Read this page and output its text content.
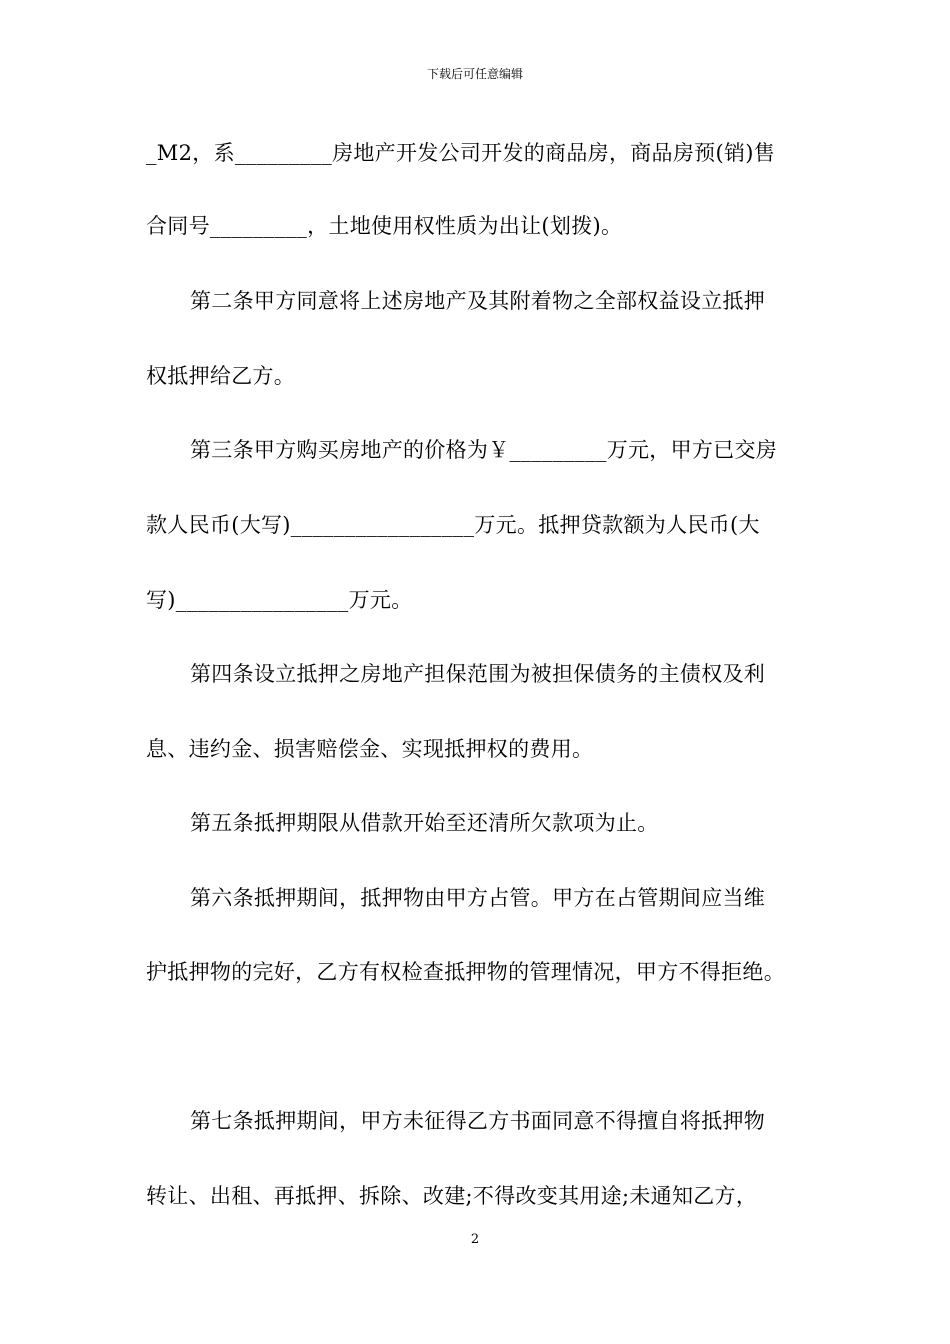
下载后可任意编辑
_M2，系_________房地产开发公司开发的商品房，商品房预(销)售
合同号_________，土地使用权性质为出让(划拨)。
第二条甲方同意将上述房地产及其附着物之全部权益设立抵押
权抵押给乙方。
第三条甲方购买房地产的价格为￥_________万元，甲方已交房
款人民币(大写)_________________万元。抵押贷款额为人民币(大
写)________________万元。
第四条设立抵押之房地产担保范围为被担保债务的主债权及利
息、违约金、损害赔偿金、实现抵押权的费用。
第五条抵押期限从借款开始至还清所欠款项为止。
第六条抵押期间，抵押物由甲方占管。甲方在占管期间应当维
护抵押物的完好，乙方有权检查抵押物的管理情况，甲方不得拒绝。
第七条抵押期间，甲方未征得乙方书面同意不得擅自将抵押物
转让、出租、再抵押、拆除、改建;不得改变其用途;未通知乙方，
2
